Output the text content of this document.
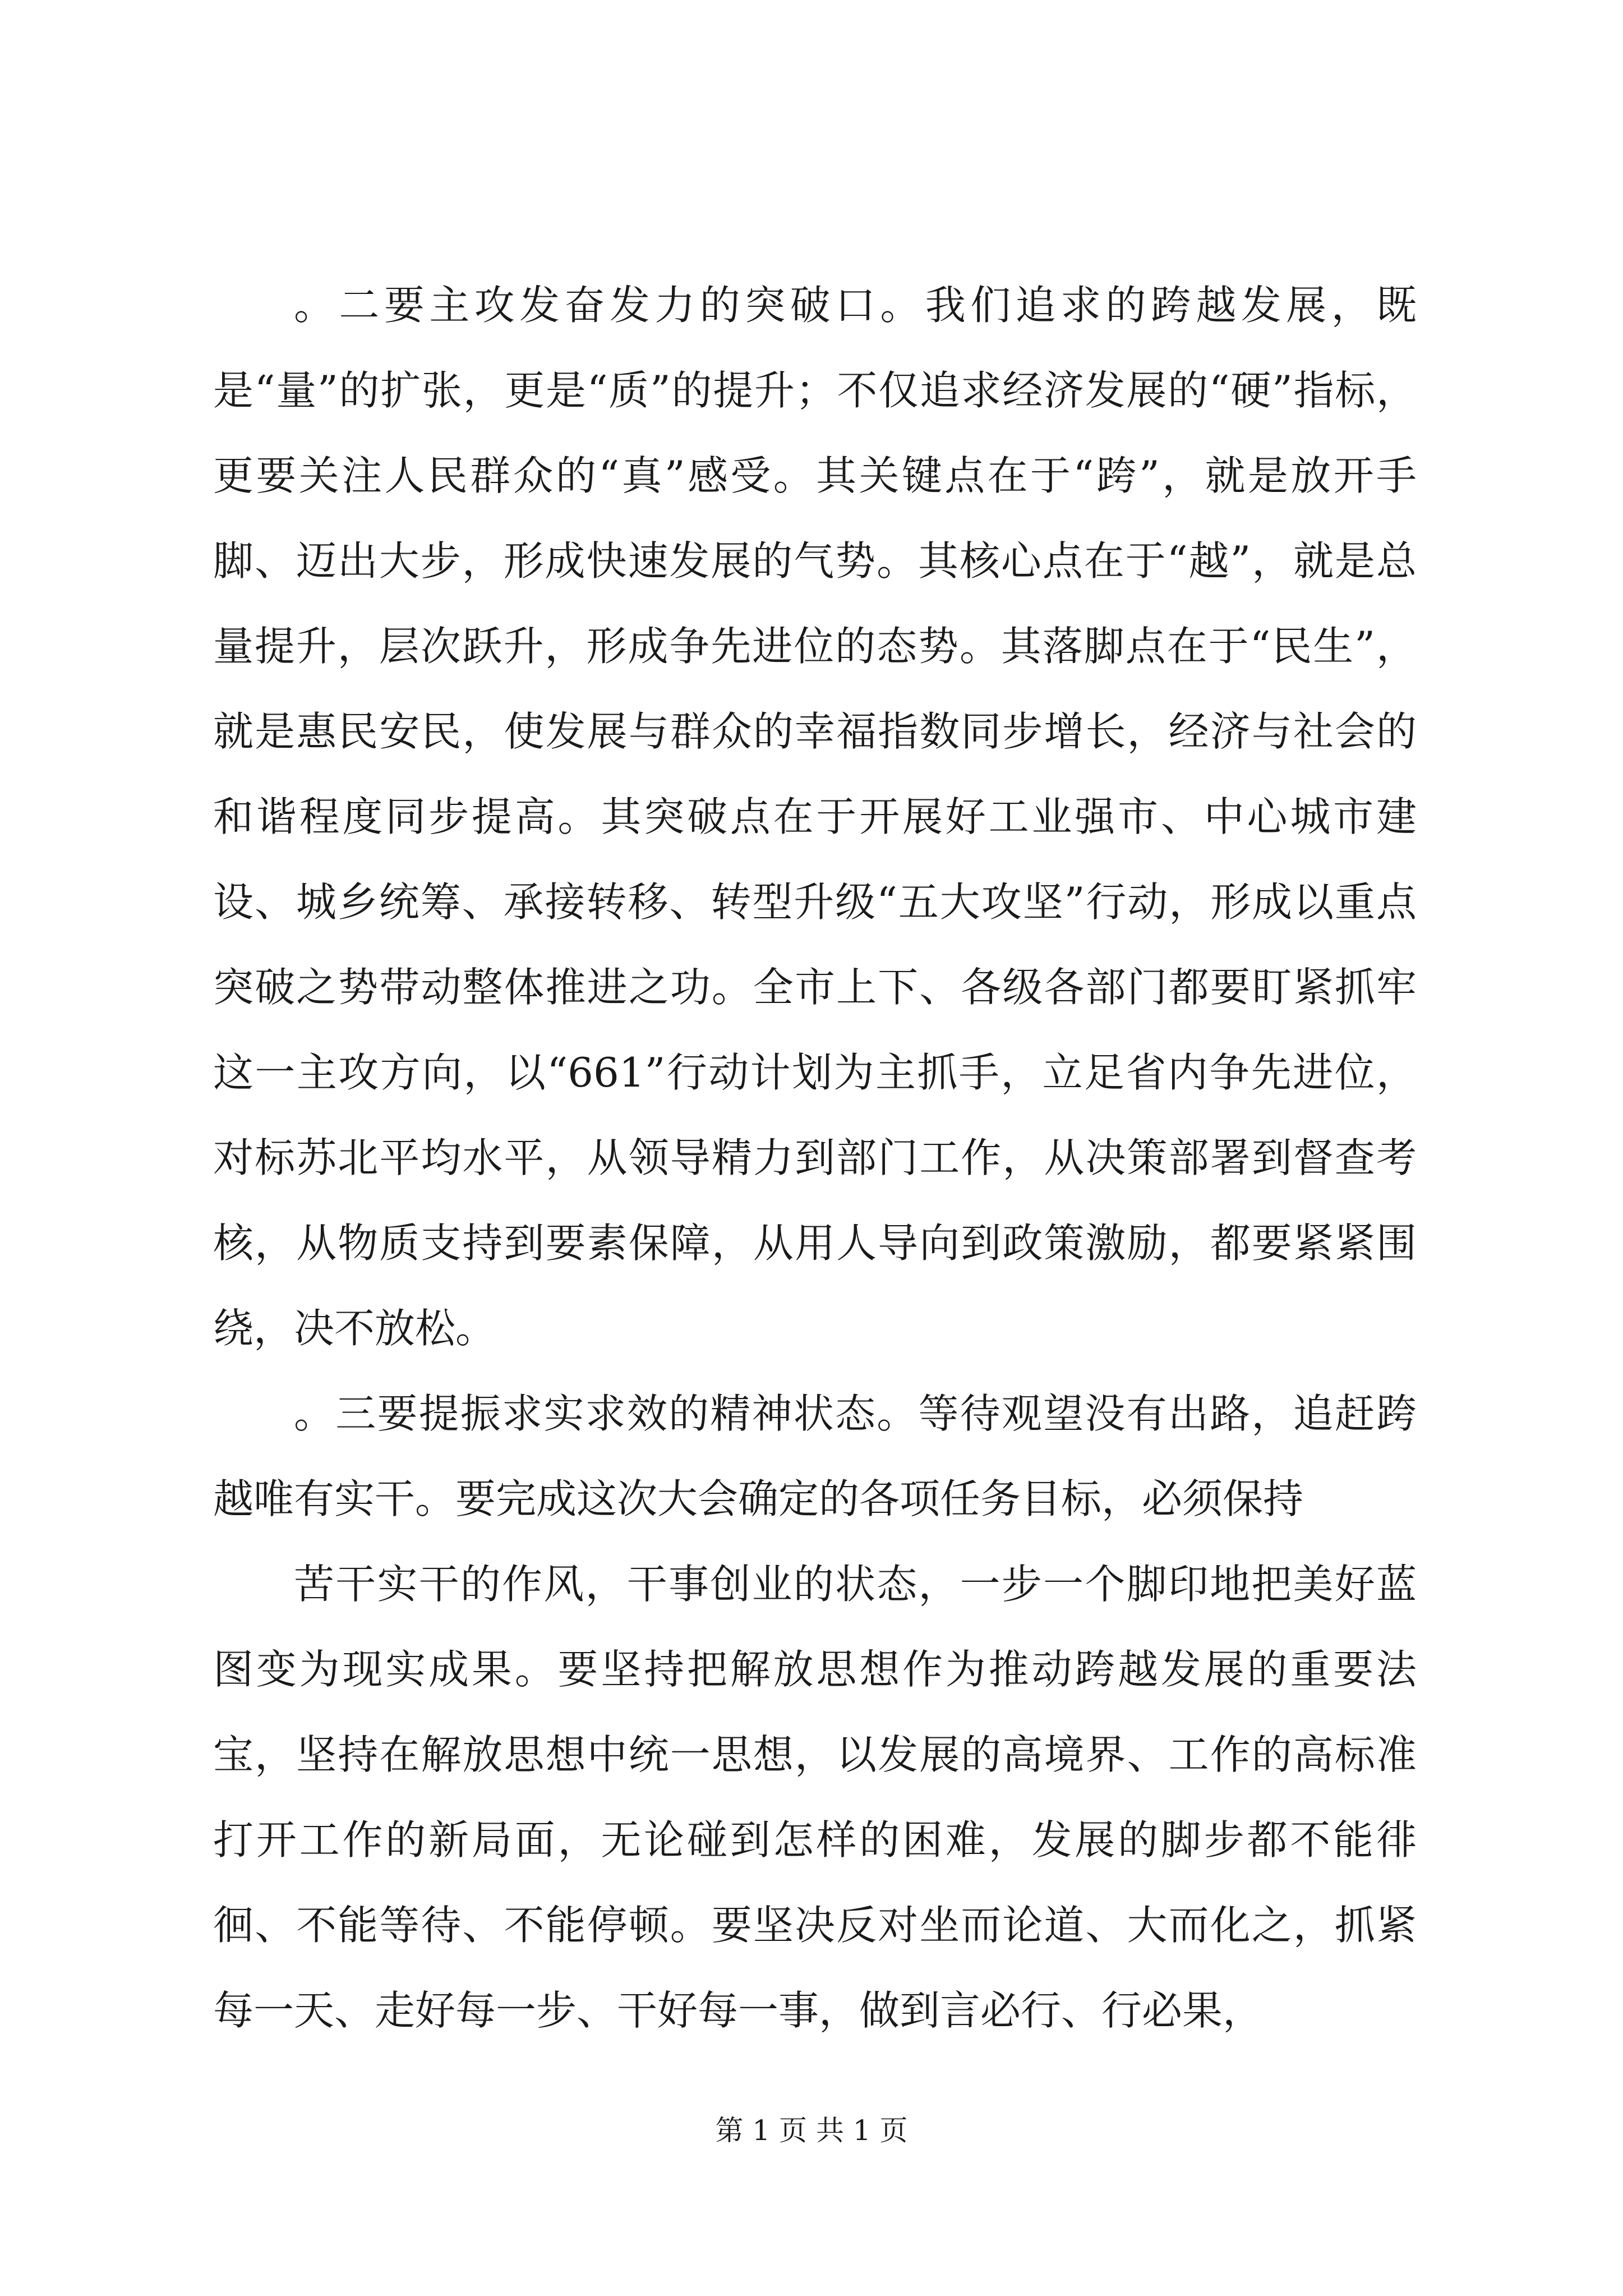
。二要主攻发奋发力的突破口。我们追求的跨越发展，既是“量”的扩张，更是“质”的提升；不仅追求经济发展的“硬”指标，更要关注人民群众的“真”感受。其关键点在于“跨”，就是放开手脚、迈出大步，形成快速发展的气势。其核心点在于“越”，就是总量提升，层次跃升，形成争先进位的态势。其落脚点在于“民生”，就是惠民安民，使发展与群众的幸福指数同步增长，经济与社会的和谐程度同步提高。其突破点在于开展好工业强市、中心城市建设、城乡统筹、承接转移、转型升级“五大攻坚”行动，形成以重点突破之势带动整体推进之功。全市上下、各级各部门都要盯紧抓牢这一主攻方向，以“661”行动计划为主抓手，立足省内争先进位，对标苏北平均水平，从领导精力到部门工作，从决策部署到督查考核，从物质支持到要素保障，从用人导向到政策激励，都要紧紧围绕，决不放松。

。三要提振求实求效的精神状态。等待观望没有出路，追赶跨越唯有实干。要完成这次大会确定的各项任务目标，必须保持

苦干实干的作风，干事创业的状态，一步一个脚印地把美好蓝图变为现实成果。要坚持把解放思想作为推动跨越发展的重要法宝，坚持在解放思想中统一思想，以发展的高境界、工作的高标准打开工作的新局面，无论碰到怎样的困难，发展的脚步都不能徘徊、不能等待、不能停顿。要坚决反对坐而论道、大而化之，抓紧每一天、走好每一步、干好每一事，做到言必行、行必果，

第 1 页 共 1 页
